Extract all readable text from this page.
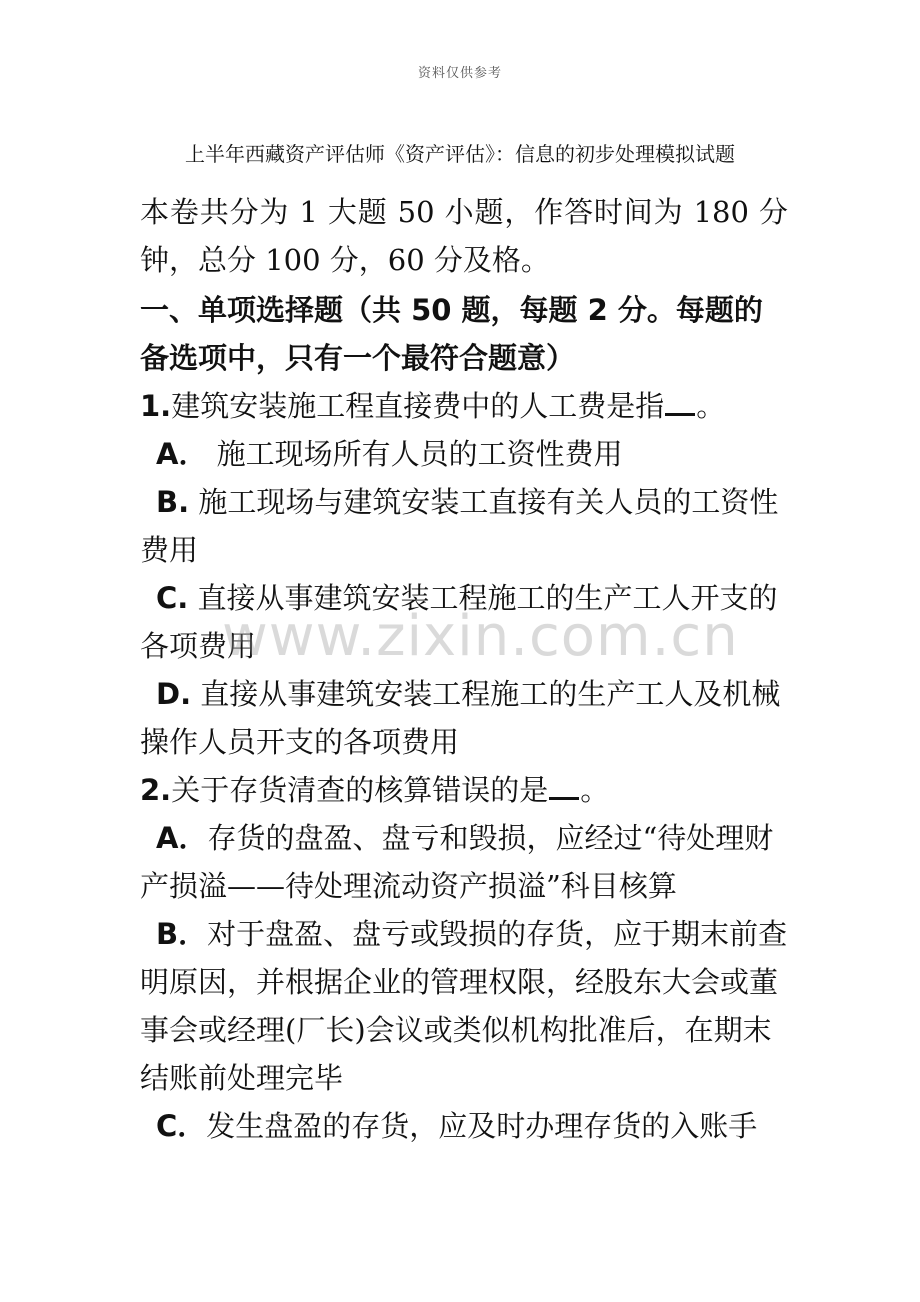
资料仅供参考
上半年西藏资产评估师《资产评估》：信息的初步处理模拟试题

本卷共分为 1 大题 50 小题，作答时间为 180 分钟，总分 100 分，60 分及格。

一、单项选择题（共 50 题，每题 2 分。每题的备选项中，只有一个最符合题意）

1.建筑安装施工程直接费中的人工费是指 。

A． 施工现场所有人员的工资性费用

B. 施工现场与建筑安装工直接有关人员的工资性费用

C. 直接从事建筑安装工程施工的生产工人开支的各项费用

D. 直接从事建筑安装工程施工的生产工人及机械操作人员开支的各项费用

2.关于存货清查的核算错误的是 。

A．存货的盘盈、盘亏和毁损，应经过“待处理财产损溢——待处理流动资产损溢”科目核算

B．对于盘盈、盘亏或毁损的存货，应于期末前查明原因，并根据企业的管理权限，经股东大会或董事会或经理(厂长)会议或类似机构批准后，在期末结账前处理完毕

C．发生盘盈的存货，应及时办理存货的入账手

www.zixin.com.cn
